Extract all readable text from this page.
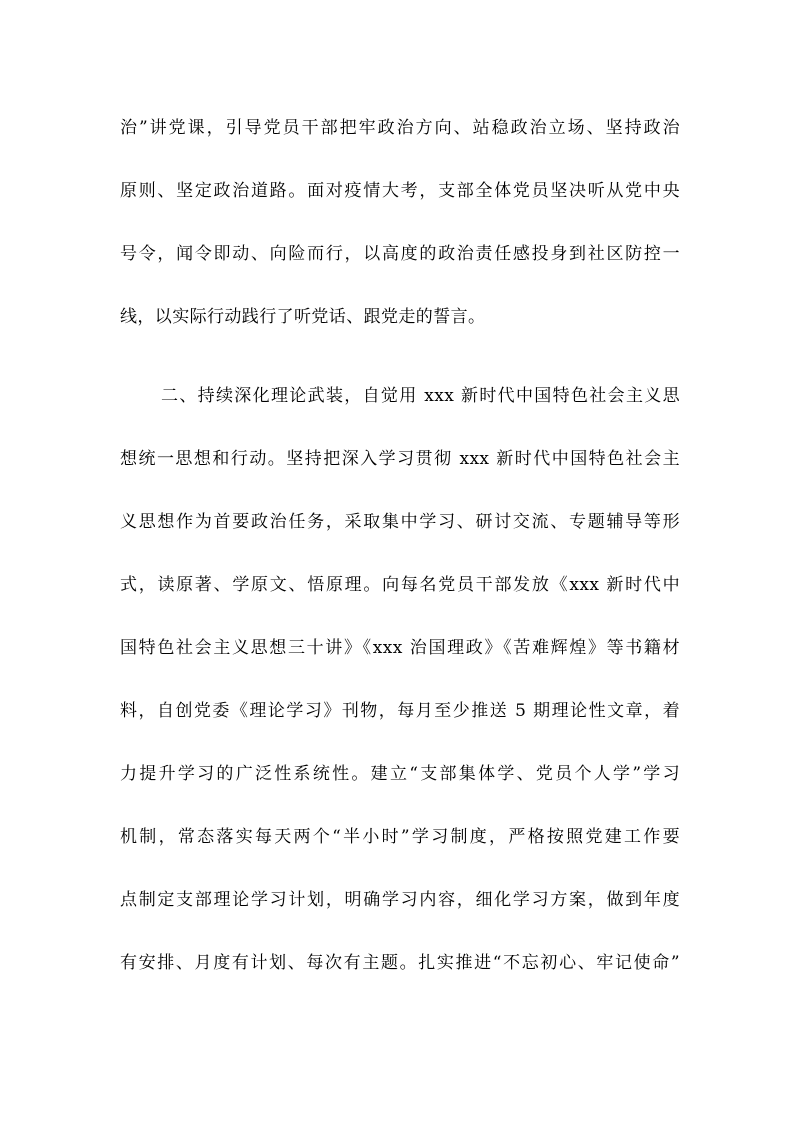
治”讲党课，引导党员干部把牢政治方向、站稳政治立场、坚持政治
原则、坚定政治道路。面对疫情大考，支部全体党员坚决听从党中央
号令，闻令即动、向险而行，以高度的政治责任感投身到社区防控一
线，以实际行动践行了听党话、跟党走的誓言。
二、持续深化理论武装，自觉用 xxx 新时代中国特色社会主义思
想统一思想和行动。坚持把深入学习贯彻 xxx 新时代中国特色社会主
义思想作为首要政治任务，采取集中学习、研讨交流、专题辅导等形
式，读原著、学原文、悟原理。向每名党员干部发放《xxx 新时代中
国特色社会主义思想三十讲》《xxx 治国理政》《苦难辉煌》等书籍材
料，自创党委《理论学习》刊物，每月至少推送 5 期理论性文章，着
力提升学习的广泛性系统性。建立“支部集体学、党员个人学”学习
机制，常态落实每天两个“半小时”学习制度，严格按照党建工作要
点制定支部理论学习计划，明确学习内容，细化学习方案，做到年度
有安排、月度有计划、每次有主题。扎实推进“不忘初心、牢记使命”
